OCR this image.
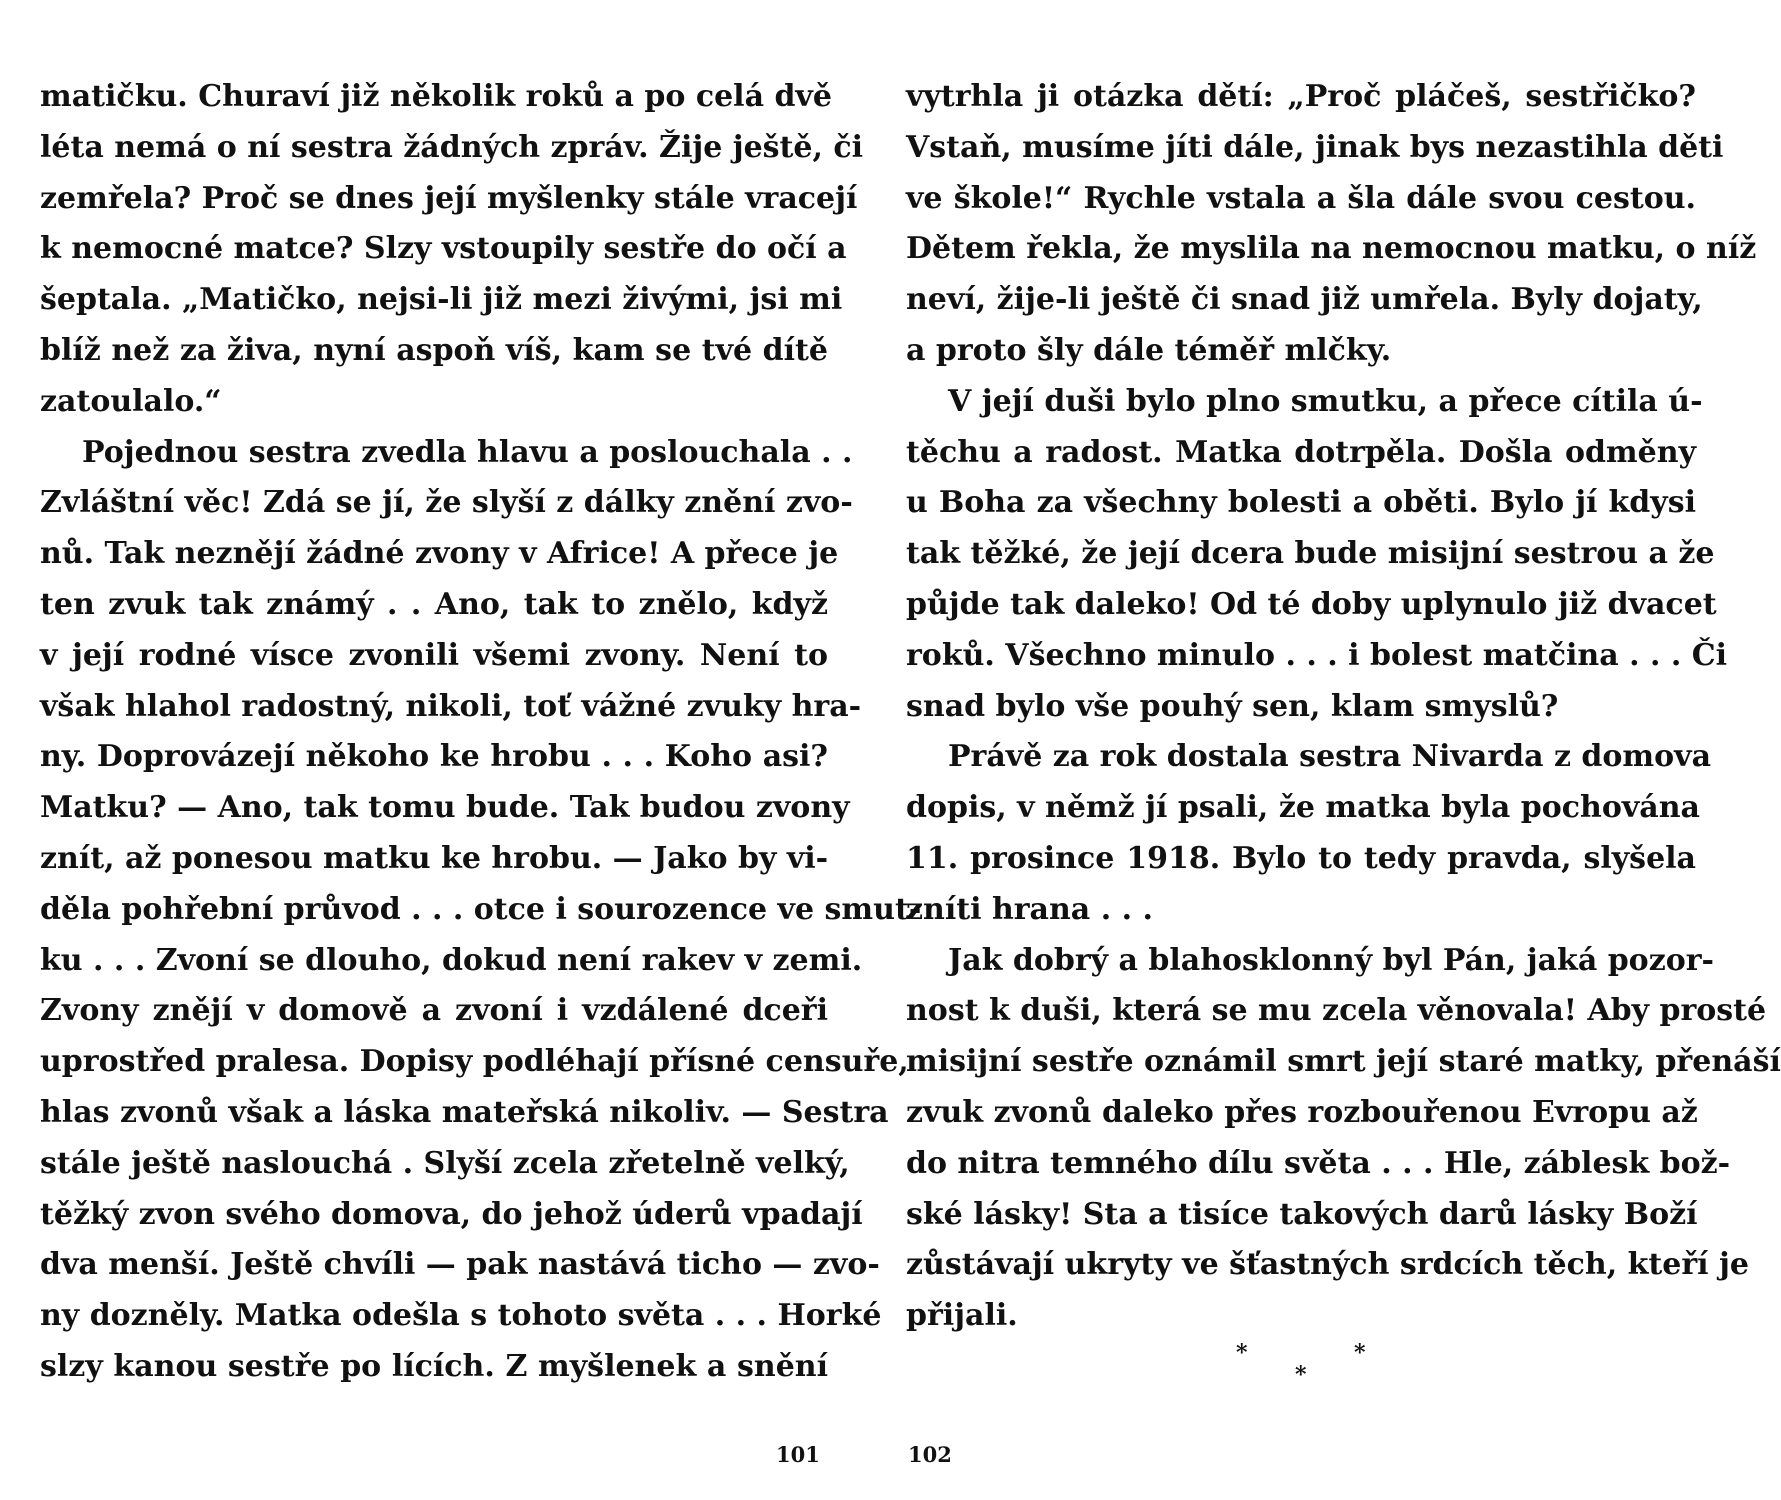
matičku. Churaví již několik roků a po celá dvě
léta nemá o ní sestra žádných zpráv. Žije ještě, či
zemřela? Proč se dnes její myšlenky stále vracejí
k nemocné matce? Slzy vstoupily sestře do očí a
šeptala. „Matičko, nejsi-li již mezi živými, jsi mi
blíž než za živa, nyní aspoň víš, kam se tvé dítě
zatoulalo.“
Pojednou sestra zvedla hlavu a poslouchala . .
Zvláštní věc! Zdá se jí, že slyší z dálky znění zvo-
nů. Tak neznějí žádné zvony v Africe! A přece je
ten zvuk tak známý . . Ano, tak to znělo, když
v její rodné vísce zvonili všemi zvony. Není to
však hlahol radostný, nikoli, toť vážné zvuky hra-
ny. Doprovázejí někoho ke hrobu . . . Koho asi?
Matku? — Ano, tak tomu bude. Tak budou zvony
znít, až ponesou matku ke hrobu. — Jako by vi-
děla pohřební průvod . . . otce i sourozence ve smut-
ku . . . Zvoní se dlouho, dokud není rakev v zemi.
Zvony znějí v domově a zvoní i vzdálené dceři
uprostřed pralesa. Dopisy podléhají přísné censuře,
hlas zvonů však a láska mateřská nikoliv. — Sestra
stále ještě naslouchá . Slyší zcela zřetelně velký,
těžký zvon svého domova, do jehož úderů vpadají
dva menší. Ještě chvíli — pak nastává ticho — zvo-
ny dozněly. Matka odešla s tohoto světa . . . Horké
slzy kanou sestře po lících. Z myšlenek a snění
vytrhla ji otázka dětí: „Proč pláčeš, sestřičko?
Vstaň, musíme jíti dále, jinak bys nezastihla děti
ve škole!“ Rychle vstala a šla dále svou cestou.
Dětem řekla, že myslila na nemocnou matku, o níž
neví, žije-li ještě či snad již umřela. Byly dojaty,
a proto šly dále téměř mlčky.
V její duši bylo plno smutku, a přece cítila ú-
těchu a radost. Matka dotrpěla. Došla odměny
u Boha za všechny bolesti a oběti. Bylo jí kdysi
tak těžké, že její dcera bude misijní sestrou a že
půjde tak daleko! Od té doby uplynulo již dvacet
roků. Všechno minulo . . . i bolest matčina . . . Či
snad bylo vše pouhý sen, klam smyslů?
Právě za rok dostala sestra Nivarda z domova
dopis, v němž jí psali, že matka byla pochována
11. prosince 1918. Bylo to tedy pravda, slyšela
zníti hrana . . .
Jak dobrý a blahosklonný byl Pán, jaká pozor-
nost k duši, která se mu zcela věnovala! Aby prosté
misijní sestře oznámil smrt její staré matky, přenáší
zvuk zvonů daleko přes rozbouřenou Evropu až
do nitra temného dílu světa . . . Hle, záblesk bož-
ské lásky! Sta a tisíce takových darů lásky Boží
zůstávají ukryty ve šťastných srdcích těch, kteří je
přijali.
*
*
*
101	102
